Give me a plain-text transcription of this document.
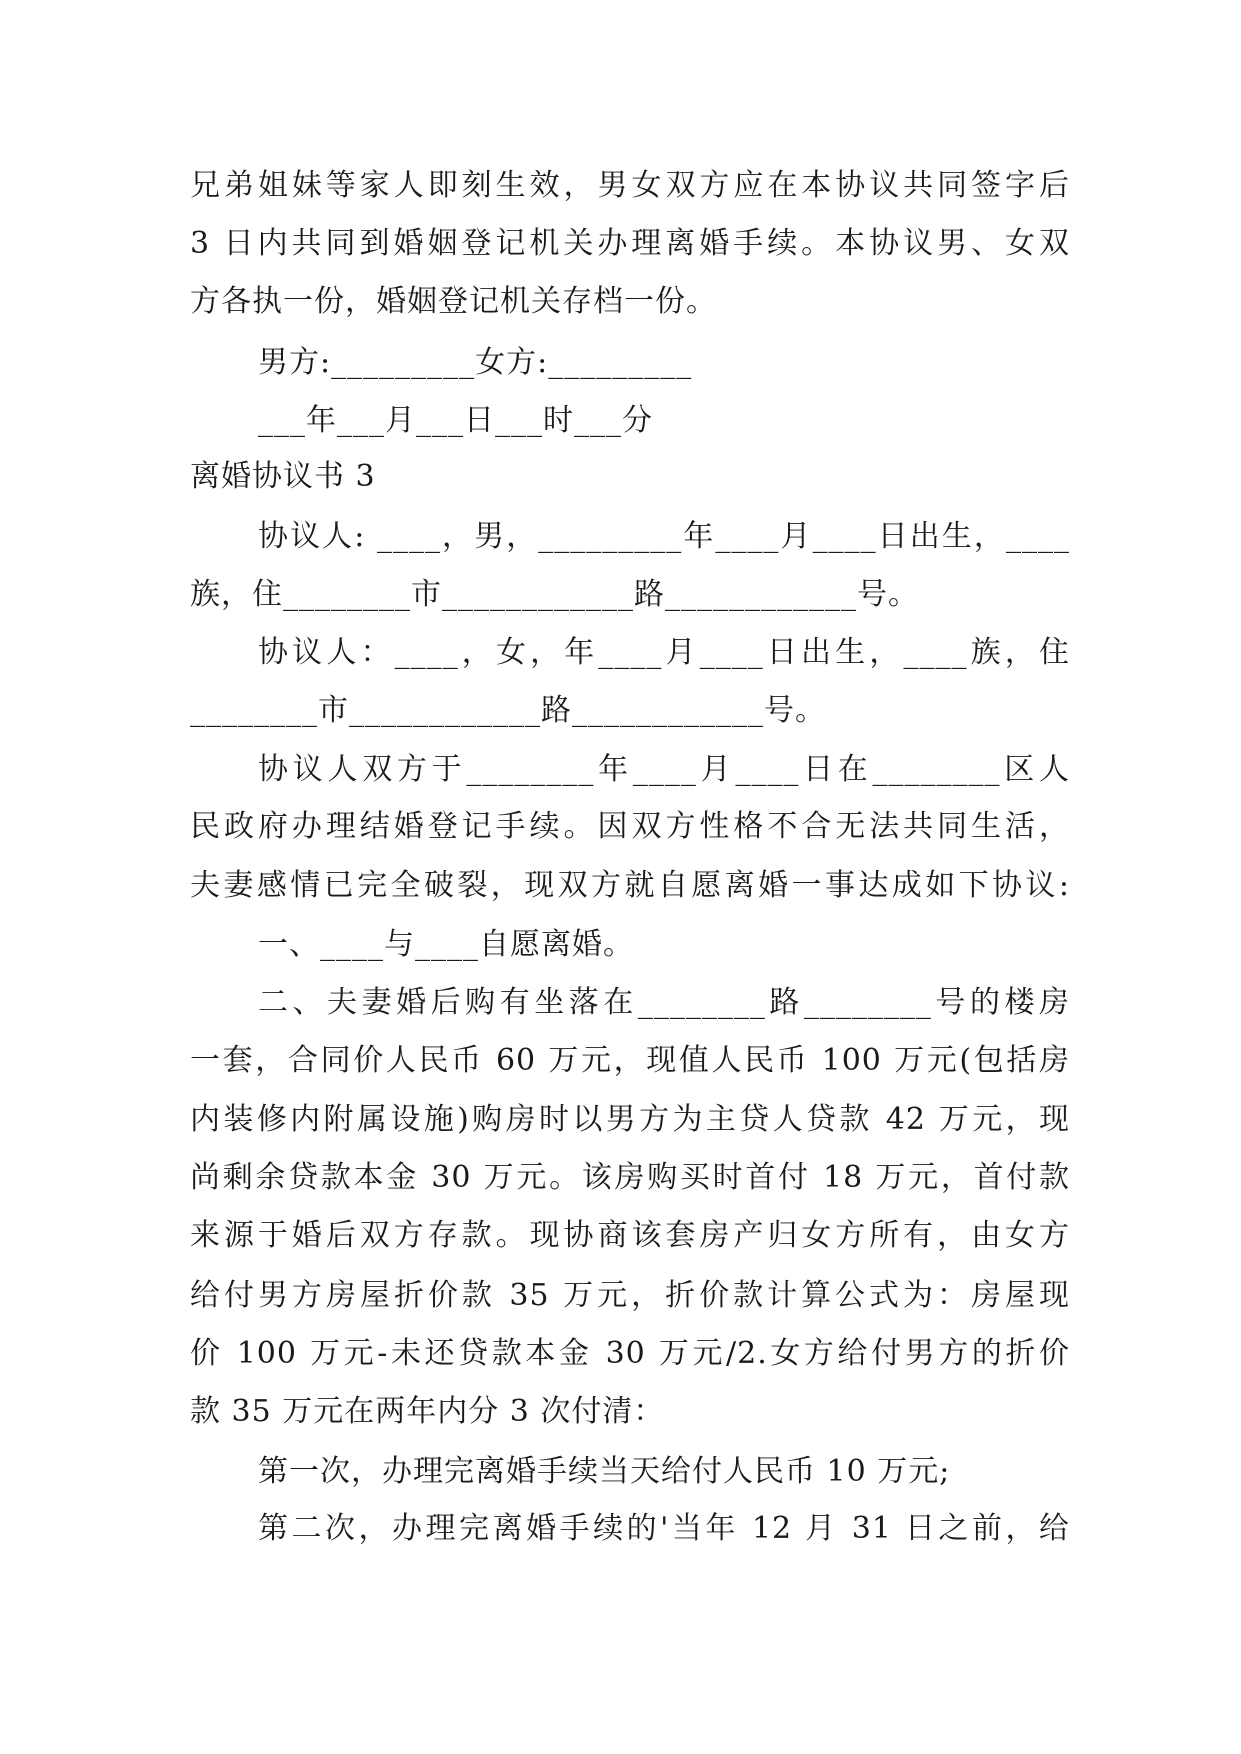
兄弟姐妹等家人即刻生效，男女双方应在本协议共同签字后
3 日内共同到婚姻登记机关办理离婚手续。本协议男、女双
方各执一份，婚姻登记机关存档一份。
男方:_________女方:_________
___年___月___日___时___分
离婚协议书 3
协议人: ____，男，_________年____月____日出生，____
族，住________市____________路____________号。
协议人：____，女，年____月____日出生，____族，住
________市____________路____________号。
协议人双方于________年____月____日在________区人
民政府办理结婚登记手续。因双方性格不合无法共同生活，
夫妻感情已完全破裂，现双方就自愿离婚一事达成如下协议:
一、____与____自愿离婚。
二、夫妻婚后购有坐落在________路________号的楼房
一套，合同价人民币 60 万元，现值人民币 100 万元(包括房
内装修内附属设施)购房时以男方为主贷人贷款 42 万元，现
尚剩余贷款本金 30 万元。该房购买时首付 18 万元，首付款
来源于婚后双方存款。现协商该套房产归女方所有，由女方
给付男方房屋折价款 35 万元，折价款计算公式为：房屋现
价 100 万元-未还贷款本金 30 万元/2.女方给付男方的折价
款 35 万元在两年内分 3 次付清：
第一次，办理完离婚手续当天给付人民币 10 万元;
第二次，办理完离婚手续的'当年 12 月 31 日之前，给
